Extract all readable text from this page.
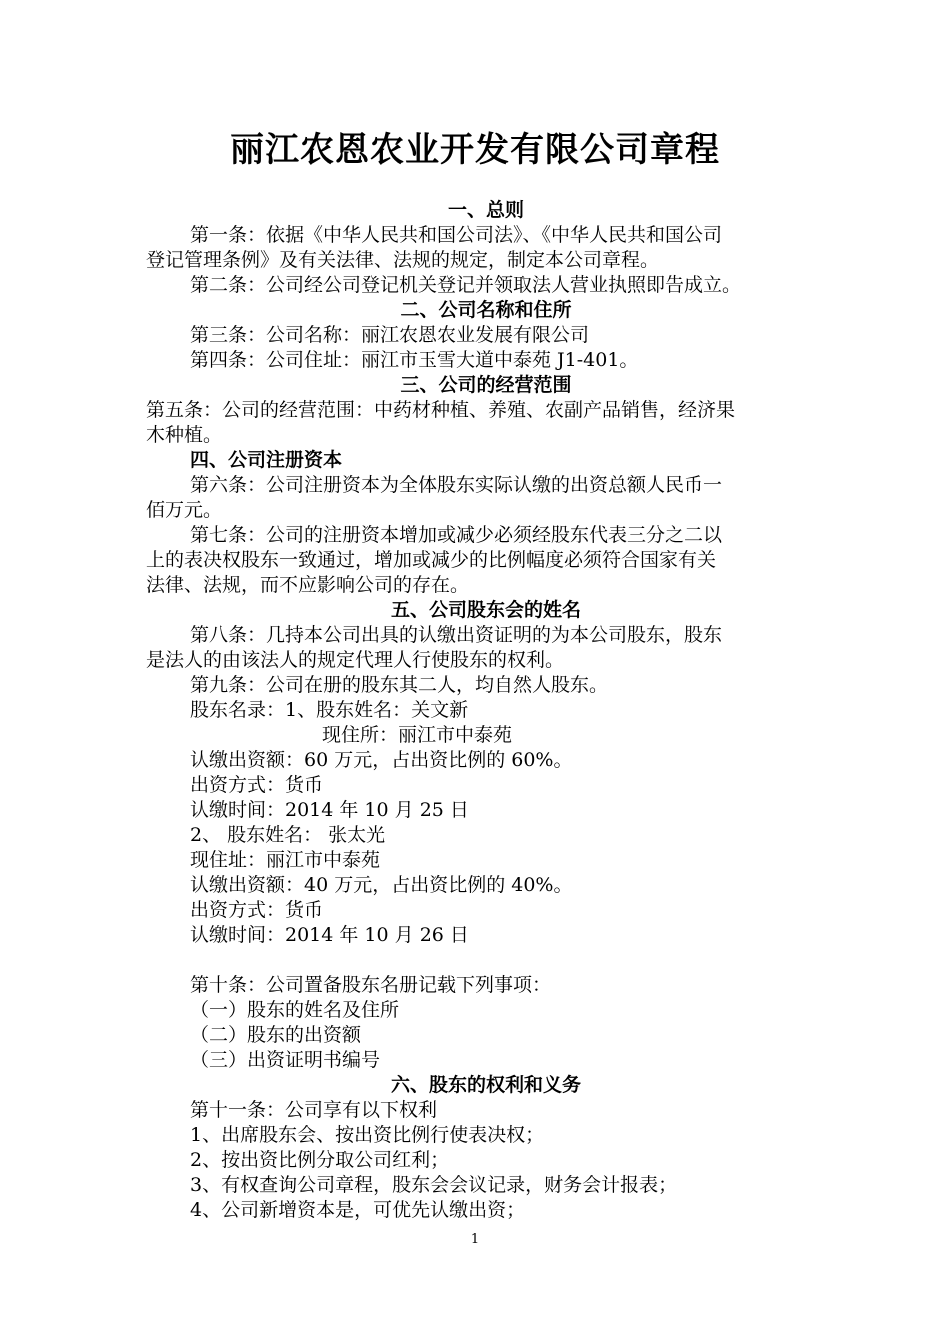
丽江农恩农业开发有限公司章程
一、总则
第一条：依据《中华人民共和国公司法》、《中华人民共和国公司
登记管理条例》及有关法律、法规的规定，制定本公司章程。
第二条：公司经公司登记机关登记并领取法人营业执照即告成立。
二、公司名称和住所
第三条：公司名称：丽江农恩农业发展有限公司
第四条：公司住址：丽江市玉雪大道中泰苑 J1-401。
三、公司的经营范围
第五条：公司的经营范围：中药材种植、养殖、农副产品销售，经济果
木种植。
四、公司注册资本
第六条：公司注册资本为全体股东实际认缴的出资总额人民币一
佰万元。
第七条：公司的注册资本增加或减少必须经股东代表三分之二以
上的表决权股东一致通过，增加或减少的比例幅度必须符合国家有关
法律、法规，而不应影响公司的存在。
五、公司股东会的姓名
第八条：几持本公司出具的认缴出资证明的为本公司股东，股东
是法人的由该法人的规定代理人行使股东的权利。
第九条：公司在册的股东其二人，均自然人股东。
股东名录：1、股东姓名：关文新
现住所：丽江市中泰苑
认缴出资额：60 万元，占出资比例的 60%。
出资方式：货币
认缴时间：2014 年 10 月 25 日
2、 股东姓名： 张太光
现住址：丽江市中泰苑
认缴出资额：40 万元，占出资比例的 40%。
出资方式：货币
认缴时间：2014 年 10 月 26 日
第十条：公司置备股东名册记载下列事项：
（一）股东的姓名及住所
（二）股东的出资额
（三）出资证明书编号
六、股东的权利和义务
第十一条：公司享有以下权利
1、出席股东会、按出资比例行使表决权；
2、按出资比例分取公司红利；
3、有权查询公司章程，股东会会议记录，财务会计报表；
4、公司新增资本是，可优先认缴出资；
1
